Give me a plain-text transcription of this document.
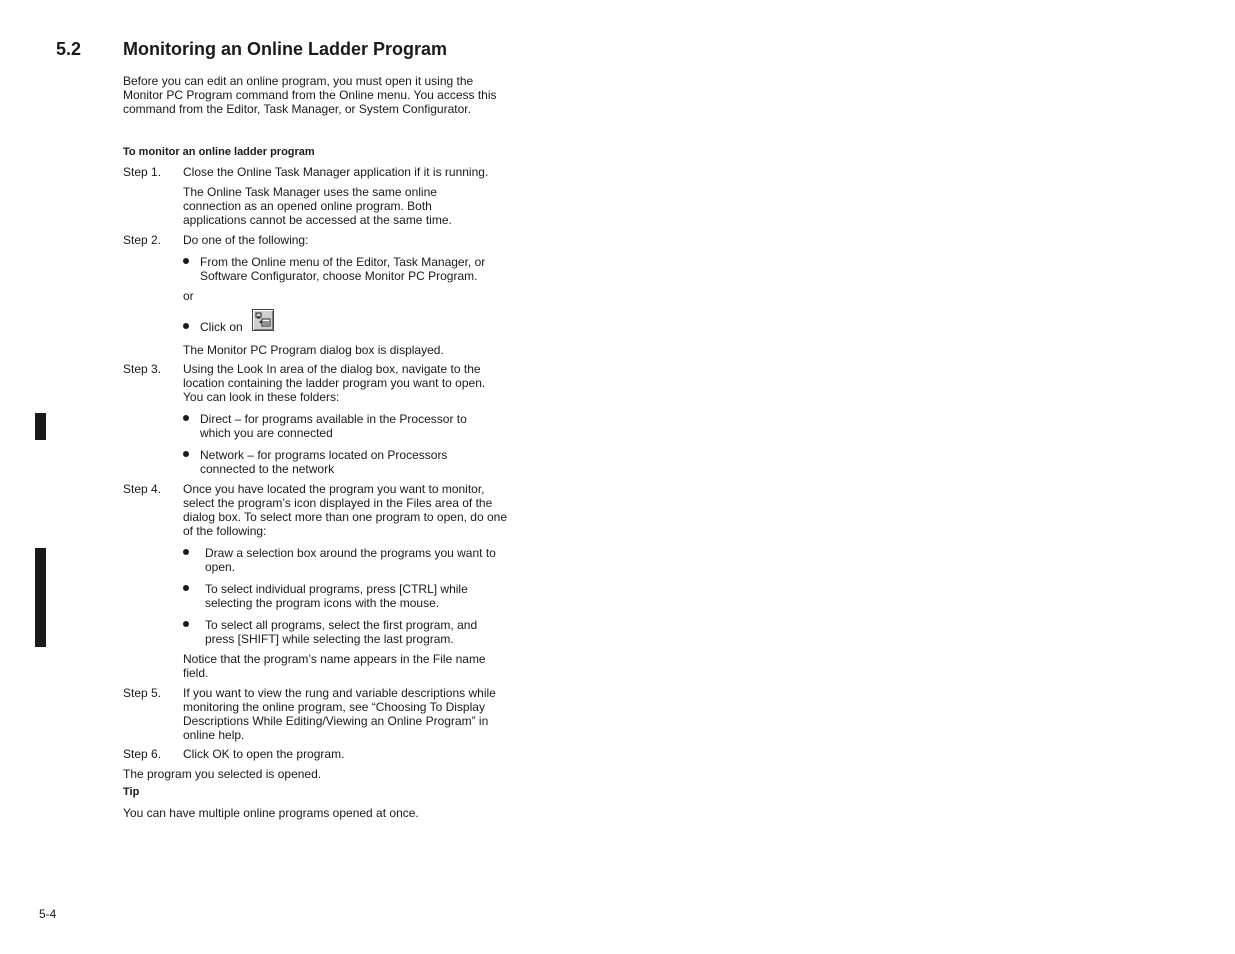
5.2 Monitoring an Online Ladder Program
Before you can edit an online program, you must open it using the Monitor PC Program command from the Online menu. You access this command from the Editor, Task Manager, or System Configurator.
To monitor an online ladder program
Step 1. Close the Online Task Manager application if it is running.
The Online Task Manager uses the same online connection as an opened online program. Both applications cannot be accessed at the same time.
Step 2. Do one of the following:
From the Online menu of the Editor, Task Manager, or Software Configurator, choose Monitor PC Program.
or
Click on
The Monitor PC Program dialog box is displayed.
Step 3. Using the Look In area of the dialog box, navigate to the location containing the ladder program you want to open. You can look in these folders:
Direct – for programs available in the Processor to which you are connected
Network – for programs located on Processors connected to the network
Step 4. Once you have located the program you want to monitor, select the program’s icon displayed in the Files area of the dialog box. To select more than one program to open, do one of the following:
Draw a selection box around the programs you want to open.
To select individual programs, press [CTRL] while selecting the program icons with the mouse.
To select all programs, select the first program, and press [SHIFT] while selecting the last program.
Notice that the program’s name appears in the File name field.
Step 5. If you want to view the rung and variable descriptions while monitoring the online program, see “Choosing To Display Descriptions While Editing/Viewing an Online Program” in online help.
Step 6. Click OK to open the program.
The program you selected is opened.
Tip
You can have multiple online programs opened at once.
5-4
